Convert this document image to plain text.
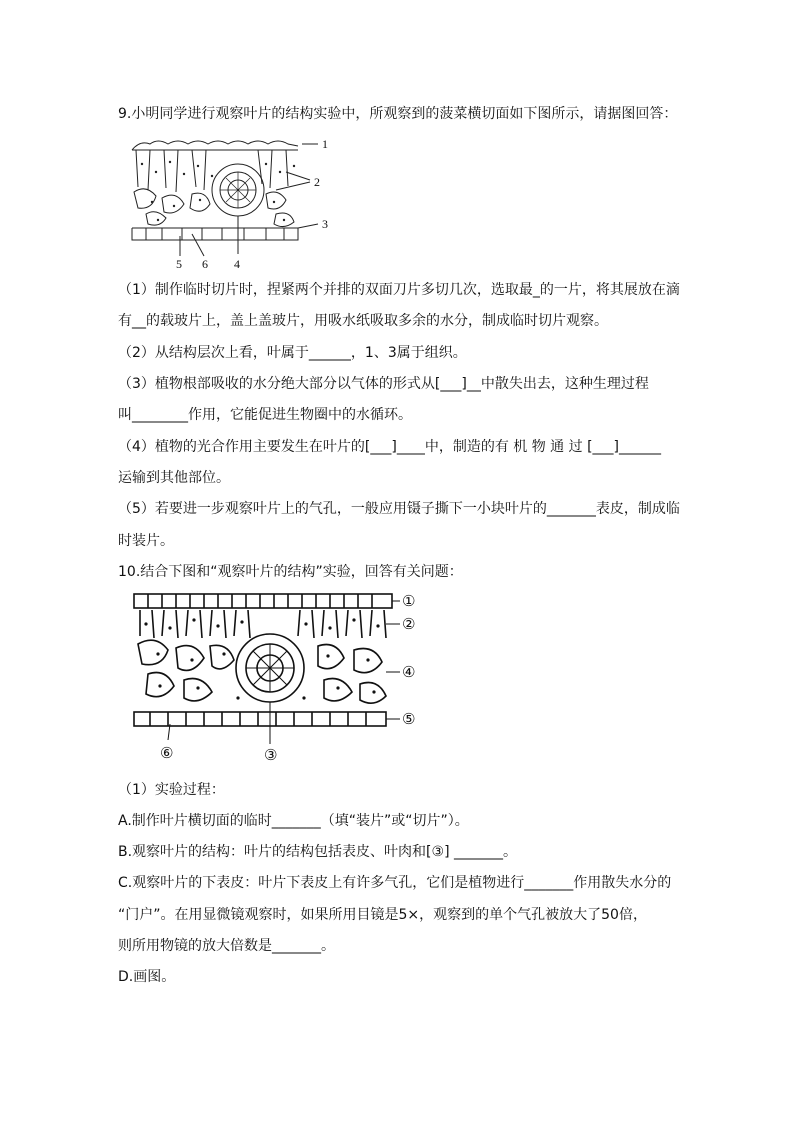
9.小明同学进行观察叶片的结构实验中，所观察到的菠菜横切面如下图所示，请据图回答：
1
2
3
4
5 6
（1）制作临时切片时，捏紧两个并排的双面刀片多切几次，选取最_的一片，将其展放在滴
有__的载玻片上，盖上盖玻片，用吸水纸吸取多余的水分，制成临时切片观察。
（2）从结构层次上看，叶属于______，1、3属于组织。
（3）植物根部吸收的水分绝大部分以气体的形式从[___]__中散失出去，这种生理过程
叫________作用，它能促进生物圈中的水循环。
（4）植物的光合作用主要发生在叶片的[___]____中，制造的有 机 物 通 过 [___]______
运输到其他部位。
（5）若要进一步观察叶片上的气孔，一般应用镊子撕下一小块叶片的_______表皮，制成临
时装片。
10.结合下图和“观察叶片的结构”实验，回答有关问题：
①
②
④
⑤
③
⑥
（1）实验过程：
A.制作叶片横切面的临时_______（填“装片”或“切片”）。
B.观察叶片的结构：叶片的结构包括表皮、叶肉和[③] _______。
C.观察叶片的下表皮：叶片下表皮上有许多气孔，它们是植物进行_______作用散失水分的
“门户”。在用显微镜观察时，如果所用目镜是5×，观察到的单个气孔被放大了50倍，
则所用物镜的放大倍数是_______。
D.画图。
